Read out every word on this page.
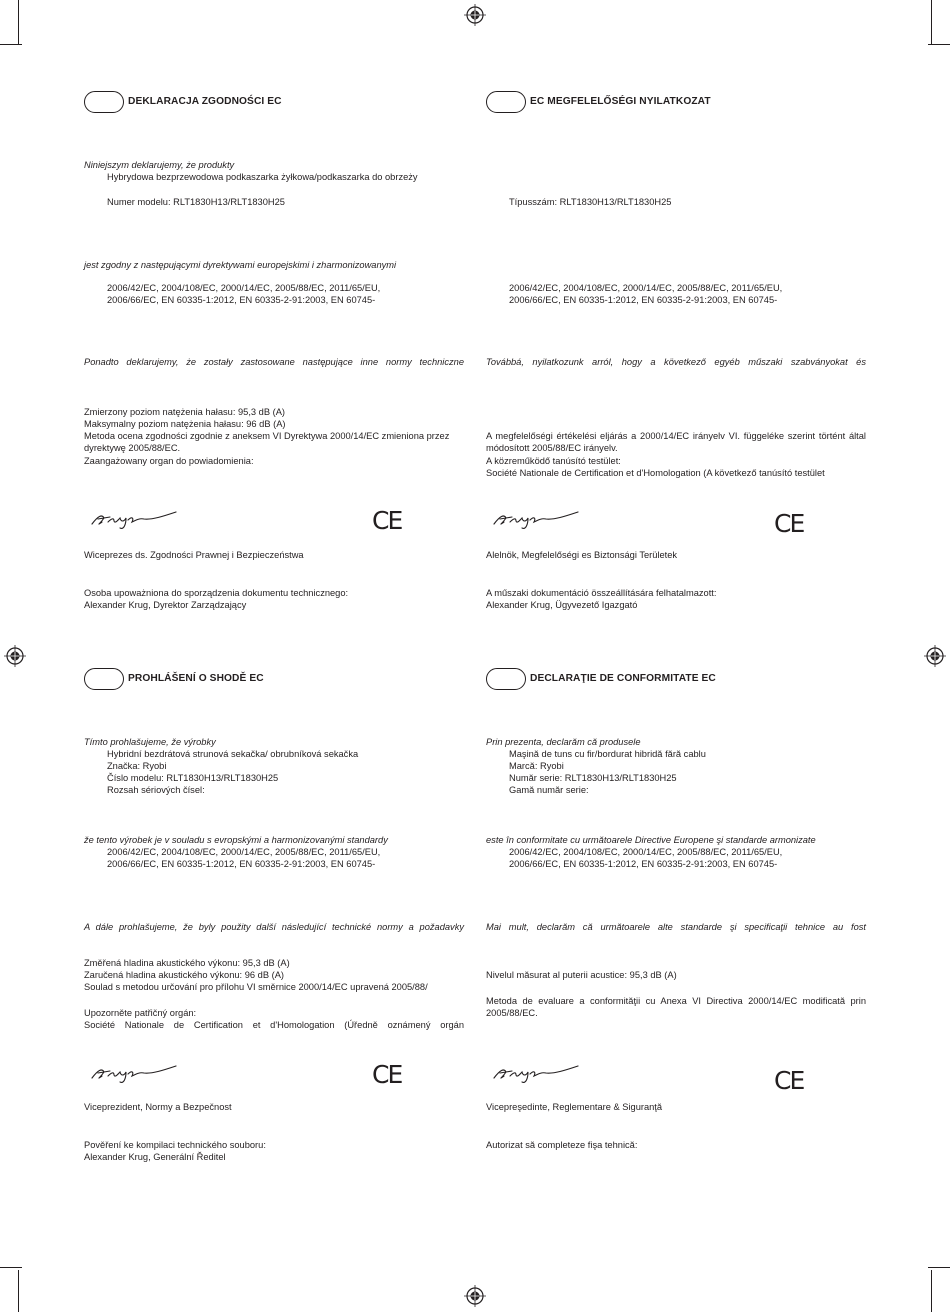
DEKLARACJA ZGODNOŚCI EC
Niniejszym deklarujemy, że produkty
Hybrydowa bezprzewodowa podkaszarka żyłkowa/podkaszarka do obrzeży
Numer modelu: RLT1830H13/RLT1830H25
jest zgodny z następującymi dyrektywami europejskimi i zharmonizowanymi
2006/42/EC, 2004/108/EC, 2000/14/EC, 2005/88/EC, 2011/65/EU,
2006/66/EC, EN 60335-1:2012, EN 60335-2-91:2003, EN 60745-
Ponadto deklarujemy, że zostały zastosowane następujące inne normy techniczne
Zmierzony poziom natężenia hałasu: 95,3 dB (A)
Maksymalny poziom natężenia hałasu: 96 dB (A)
Metoda ocena zgodności zgodnie z aneksem VI Dyrektywa 2000/14/EC zmieniona przez dyrektywę 2005/88/EC.
Zaangażowany organ do powiadomienia:
Wiceprezes ds. Zgodności Prawnej i Bezpieczeństwa
Osoba upoważniona do sporządzenia dokumentu technicznego:
Alexander Krug, Dyrektor Zarządzający
CE
EC MEGFELELŐSÉGI NYILATKOZAT
Típusszám: RLT1830H13/RLT1830H25
2006/42/EC, 2004/108/EC, 2000/14/EC, 2005/88/EC, 2011/65/EU,
2006/66/EC, EN 60335-1:2012, EN 60335-2-91:2003, EN 60745-
Továbbá, nyilatkozunk arról, hogy a következő egyéb műszaki szabványokat és
A megfelelőségi értékelési eljárás a 2000/14/EC irányelv VI. függeléke szerint történt által módosított 2005/88/EC irányelv.
A közreműködő tanúsító testület:
Société Nationale de Certification et d'Homologation (A következő tanúsító testület
Alelnök, Megfelelőségi es Biztonsági Területek
A műszaki dokumentáció összeállítására felhatalmazott:
Alexander Krug, Ügyvezető Igazgató
CE
PROHLÁŠENÍ O SHODĚ EC
Tímto prohlašujeme, že výrobky
Hybridní bezdrátová strunová sekačka/ obrubníková sekačka
Značka: Ryobi
Číslo modelu: RLT1830H13/RLT1830H25
Rozsah sériových čísel:
že tento výrobek je v souladu s evropskými a harmonizovanými standardy
2006/42/EC, 2004/108/EC, 2000/14/EC, 2005/88/EC, 2011/65/EU,
2006/66/EC, EN 60335-1:2012, EN 60335-2-91:2003, EN 60745-
A dále prohlašujeme, že byly použity další následující technické normy a požadavky
Změřená hladina akustického výkonu: 95,3 dB (A)
Zaručená hladina akustického výkonu: 96 dB (A)
Soulad s metodou určování pro přílohu VI směrnice 2000/14/EC upravená 2005/88/
Upozorněte patřičný orgán:
Société Nationale de Certification et d'Homologation (Úředně oznámený orgán
Viceprezident, Normy a Bezpečnost
Pověření ke kompilaci technického souboru:
Alexander Krug, Generální Ředitel
CE
DECLARAŢIE DE CONFORMITATE EC
Prin prezenta, declarăm că produsele
Maşină de tuns cu fir/bordurat hibridă fără cablu
Marcă: Ryobi
Număr serie: RLT1830H13/RLT1830H25
Gamă număr serie:
este în conformitate cu următoarele Directive Europene şi standarde armonizate
2006/42/EC, 2004/108/EC, 2000/14/EC, 2005/88/EC, 2011/65/EU,
2006/66/EC, EN 60335-1:2012, EN 60335-2-91:2003, EN 60745-
Mai mult, declarăm că următoarele alte standarde şi specificaţii tehnice au fost
Nivelul măsurat al puterii acustice: 95,3 dB (A)
Metoda de evaluare a conformităţii cu Anexa VI Directiva 2000/14/EC modificată prin 2005/88/EC.
Vicepreşedinte, Reglementare & Siguranţă
Autorizat să completeze fişa tehnică:
CE
